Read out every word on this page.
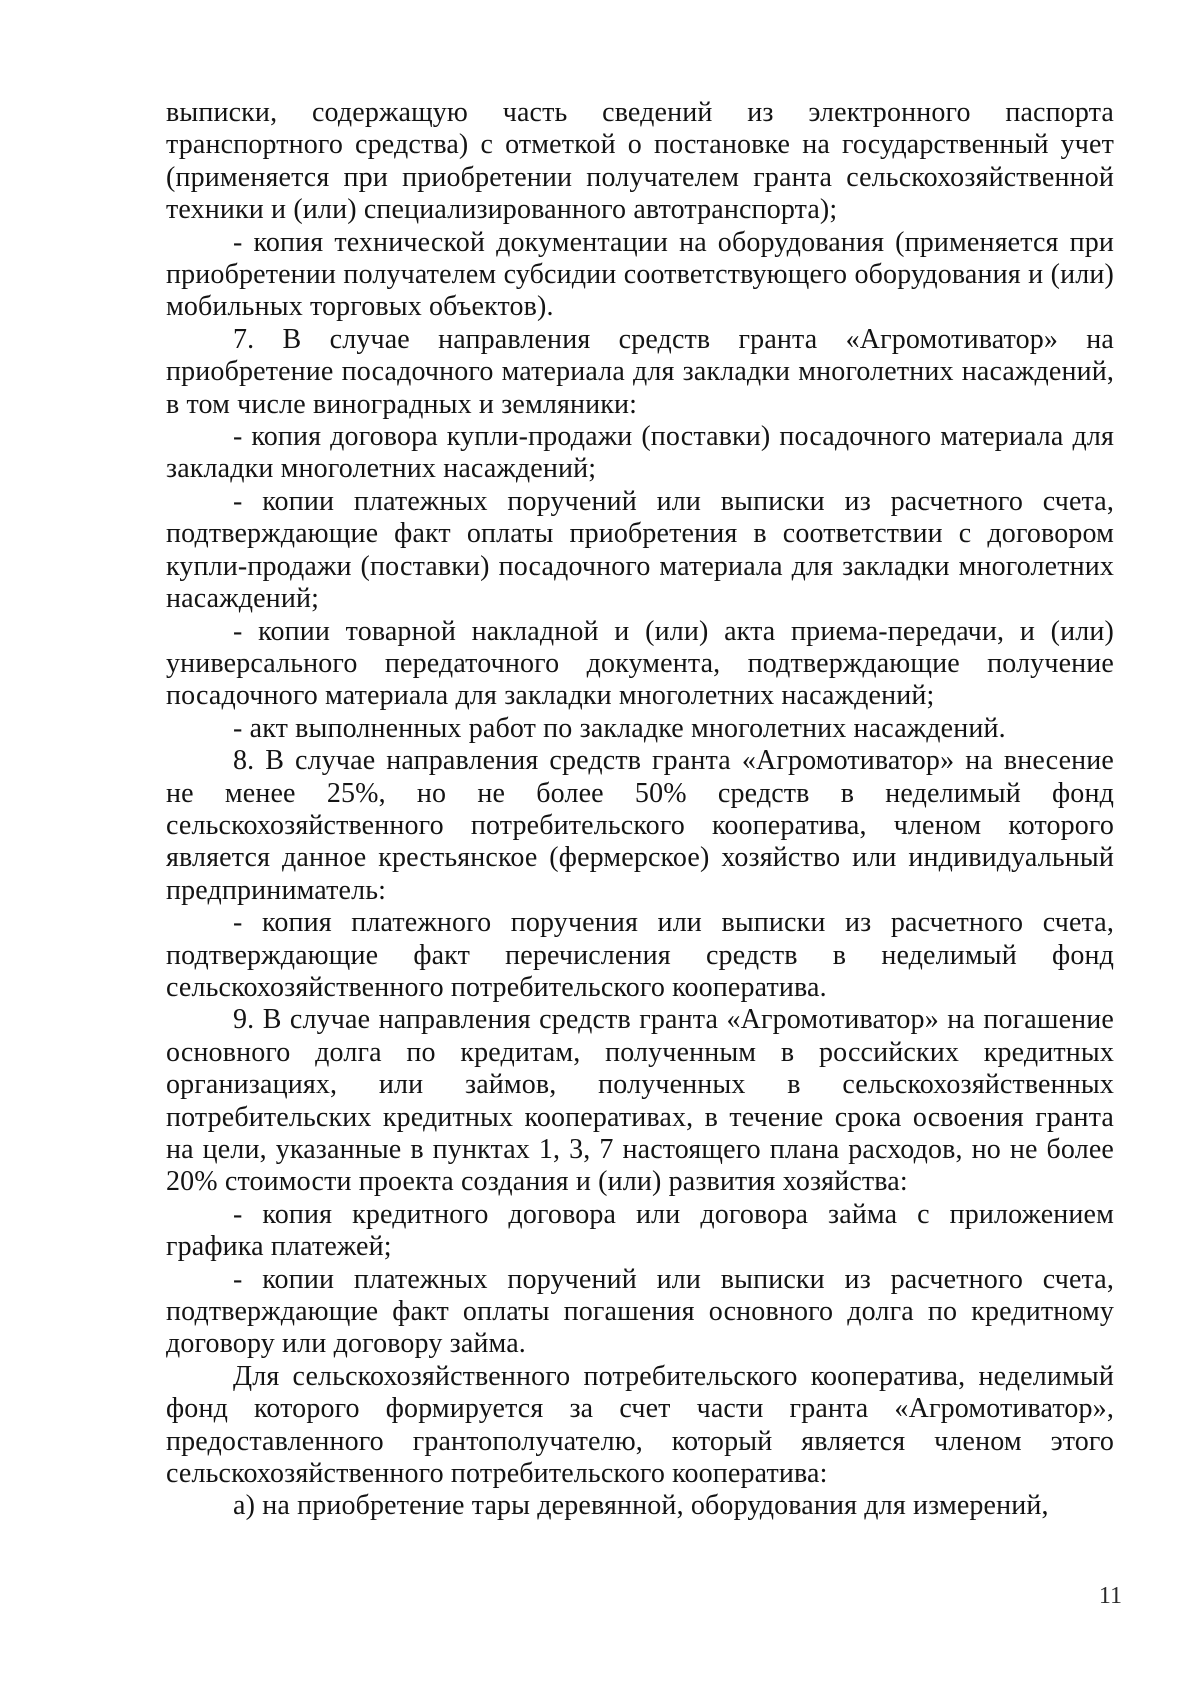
выписки, содержащую часть сведений из электронного паспорта транспортного средства) с отметкой о постановке на государственный учет (применяется при приобретении получателем гранта сельскохозяйственной техники и (или) специализированного автотранспорта);

- копия технической документации на оборудования (применяется при приобретении получателем субсидии соответствующего оборудования и (или) мобильных торговых объектов).

7. В случае направления средств гранта «Агромотиватор» на приобретение посадочного материала для закладки многолетних насаждений, в том числе виноградных и земляники:

- копия договора купли-продажи (поставки) посадочного материала для закладки многолетних насаждений;

- копии платежных поручений или выписки из расчетного счета, подтверждающие факт оплаты приобретения в соответствии с договором купли-продажи (поставки) посадочного материала для закладки многолетних насаждений;

- копии товарной накладной и (или) акта приема-передачи, и (или) универсального передаточного документа, подтверждающие получение посадочного материала для закладки многолетних насаждений;

- акт выполненных работ по закладке многолетних насаждений.

8. В случае направления средств гранта «Агромотиватор» на внесение не менее 25%, но не более 50% средств в неделимый фонд сельскохозяйственного потребительского кооператива, членом которого является данное крестьянское (фермерское) хозяйство или индивидуальный предприниматель:

- копия платежного поручения или выписки из расчетного счета, подтверждающие факт перечисления средств в неделимый фонд сельскохозяйственного потребительского кооператива.

9. В случае направления средств гранта «Агромотиватор» на погашение основного долга по кредитам, полученным в российских кредитных организациях, или займов, полученных в сельскохозяйственных потребительских кредитных кооперативах, в течение срока освоения гранта на цели, указанные в пунктах 1, 3, 7 настоящего плана расходов, но не более 20% стоимости проекта создания и (или) развития хозяйства:

- копия кредитного договора или договора займа с приложением графика платежей;

- копии платежных поручений или выписки из расчетного счета, подтверждающие факт оплаты погашения основного долга по кредитному договору или договору займа.

Для сельскохозяйственного потребительского кооператива, неделимый фонд которого формируется за счет части гранта «Агромотиватор», предоставленного грантополучателю, который является членом этого сельскохозяйственного потребительского кооператива:

а) на приобретение тары деревянной, оборудования для измерений,

11
